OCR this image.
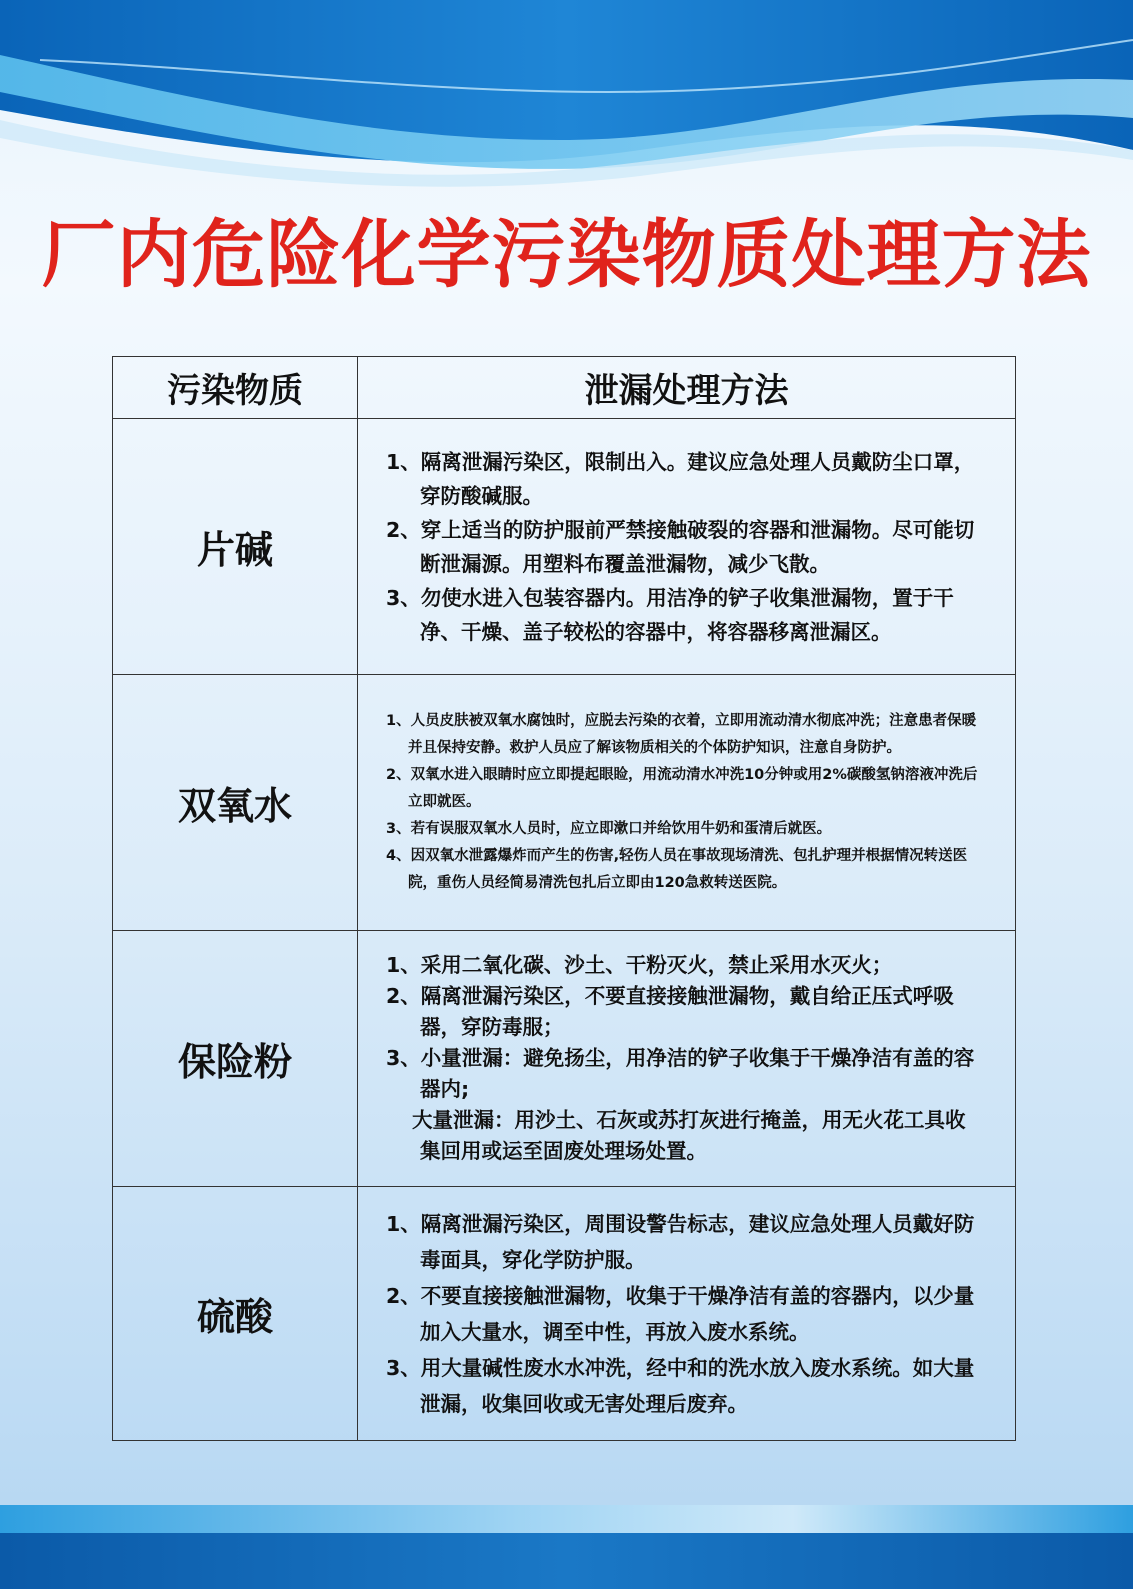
厂内危险化学污染物质处理方法
污染物质	泄漏处理方法
片碱
1、隔离泄漏污染区，限制出入。建议应急处理人员戴防尘口罩，穿防酸碱服。
2、穿上适当的防护服前严禁接触破裂的容器和泄漏物。尽可能切断泄漏源。用塑料布覆盖泄漏物，减少飞散。
3、勿使水进入包装容器内。用洁净的铲子收集泄漏物，置于干净、干燥、盖子较松的容器中，将容器移离泄漏区。
双氧水
1、人员皮肤被双氧水腐蚀时，应脱去污染的衣着，立即用流动清水彻底冲洗；注意患者保暖并且保持安静。救护人员应了解该物质相关的个体防护知识，注意自身防护。
2、双氧水进入眼睛时应立即提起眼睑，用流动清水冲洗10分钟或用2%碳酸氢钠溶液冲洗后立即就医。
3、若有误服双氧水人员时，应立即漱口并给饮用牛奶和蛋清后就医。
4、因双氧水泄露爆炸而产生的伤害,轻伤人员在事故现场清洗、包扎护理并根据情况转送医院，重伤人员经简易清洗包扎后立即由120急救转送医院。
保险粉
1、采用二氧化碳、沙土、干粉灭火，禁止采用水灭火；
2、隔离泄漏污染区，不要直接接触泄漏物，戴自给正压式呼吸器，穿防毒服；
3、小量泄漏：避免扬尘，用净洁的铲子收集于干燥净洁有盖的容器内;
大量泄漏：用沙土、石灰或苏打灰进行掩盖，用无火花工具收集回用或运至固废处理场处置。
硫酸
1、隔离泄漏污染区，周围设警告标志，建议应急处理人员戴好防毒面具，穿化学防护服。
2、不要直接接触泄漏物，收集于干燥净洁有盖的容器内，以少量加入大量水，调至中性，再放入废水系统。
3、用大量碱性废水水冲洗，经中和的洗水放入废水系统。如大量泄漏，收集回收或无害处理后废弃。
